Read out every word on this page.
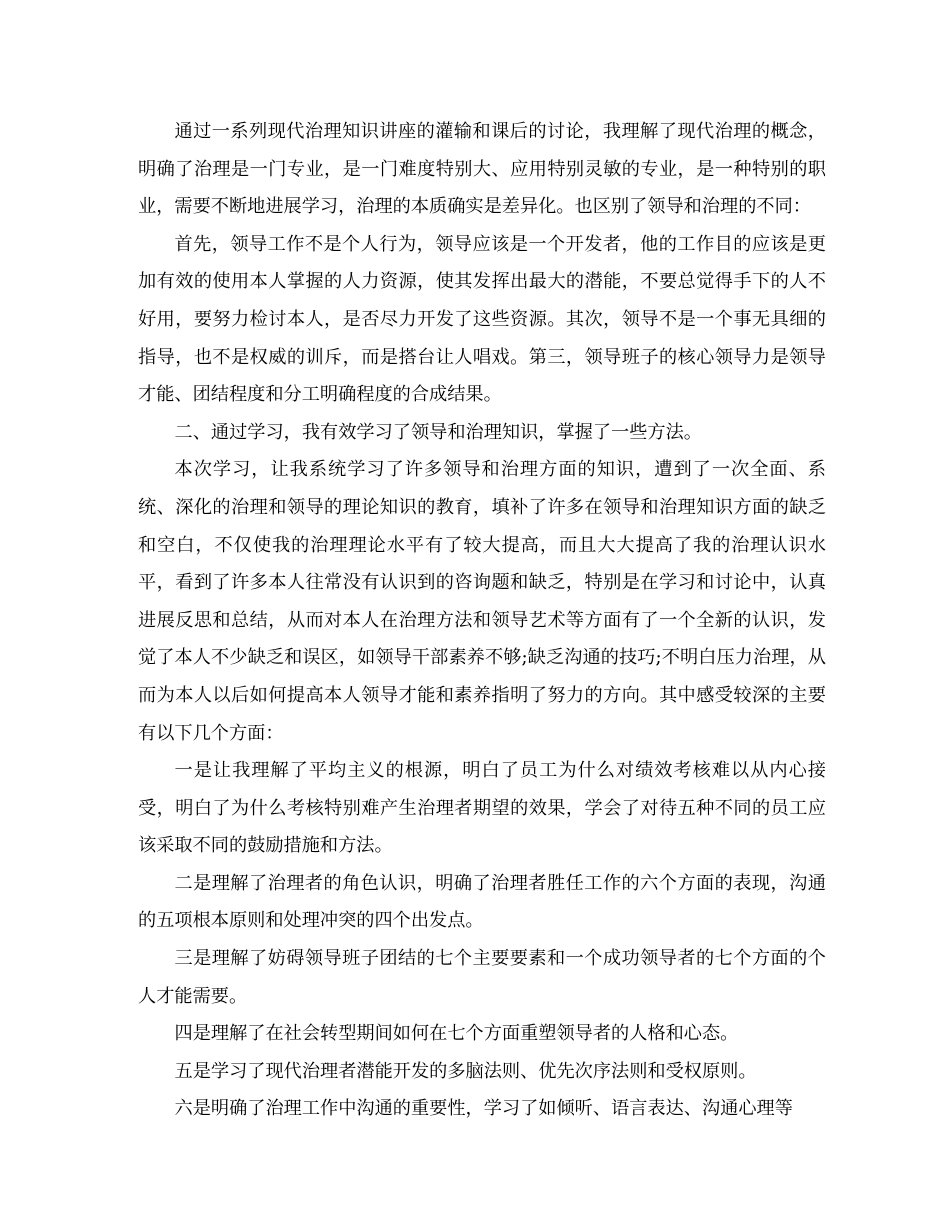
通过一系列现代治理知识讲座的灌输和课后的讨论，我理解了现代治理的概念，明确了治理是一门专业，是一门难度特别大、应用特别灵敏的专业，是一种特别的职业，需要不断地进展学习，治理的本质确实是差异化。也区别了领导和治理的不同：

首先，领导工作不是个人行为，领导应该是一个开发者，他的工作目的应该是更加有效的使用本人掌握的人力资源，使其发挥出最大的潜能，不要总觉得手下的人不好用，要努力检讨本人，是否尽力开发了这些资源。其次，领导不是一个事无具细的指导，也不是权威的训斥，而是搭台让人唱戏。第三，领导班子的核心领导力是领导才能、团结程度和分工明确程度的合成结果。

二、通过学习，我有效学习了领导和治理知识，掌握了一些方法。

本次学习，让我系统学习了许多领导和治理方面的知识，遭到了一次全面、系统、深化的治理和领导的理论知识的教育，填补了许多在领导和治理知识方面的缺乏和空白，不仅使我的治理理论水平有了较大提高，而且大大提高了我的治理认识水平，看到了许多本人往常没有认识到的咨询题和缺乏，特别是在学习和讨论中，认真进展反思和总结，从而对本人在治理方法和领导艺术等方面有了一个全新的认识，发觉了本人不少缺乏和误区，如领导干部素养不够;缺乏沟通的技巧;不明白压力治理，从而为本人以后如何提高本人领导才能和素养指明了努力的方向。其中感受较深的主要有以下几个方面：

一是让我理解了平均主义的根源，明白了员工为什么对绩效考核难以从内心接受，明白了为什么考核特别难产生治理者期望的效果，学会了对待五种不同的员工应该采取不同的鼓励措施和方法。

二是理解了治理者的角色认识，明确了治理者胜任工作的六个方面的表现，沟通的五项根本原则和处理冲突的四个出发点。

三是理解了妨碍领导班子团结的七个主要要素和一个成功领导者的七个方面的个人才能需要。

四是理解了在社会转型期间如何在七个方面重塑领导者的人格和心态。

五是学习了现代治理者潜能开发的多脑法则、优先次序法则和受权原则。

六是明确了治理工作中沟通的重要性，学习了如倾听、语言表达、沟通心理等
